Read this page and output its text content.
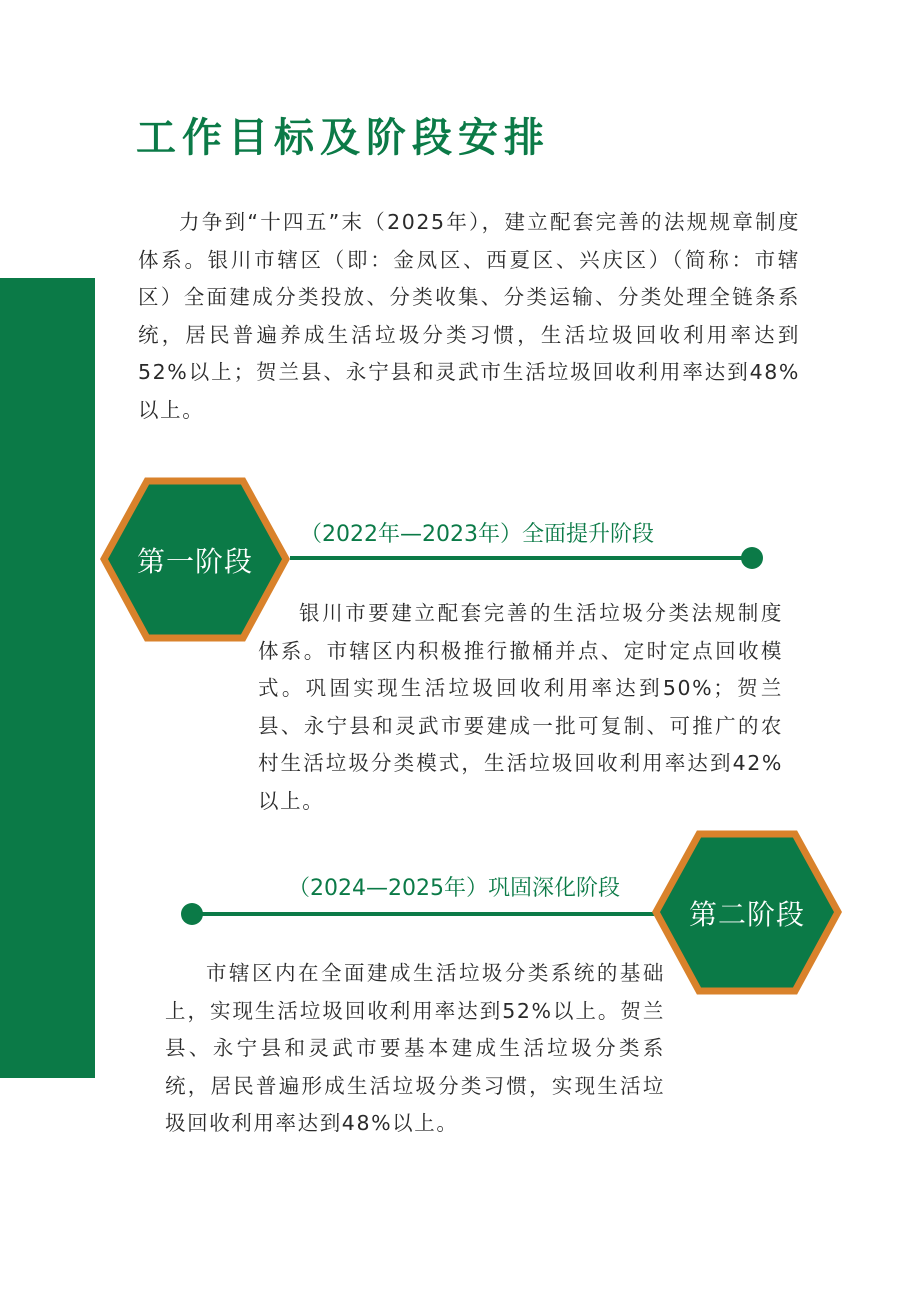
工作目标及阶段安排

力争到“十四五”末（2025年），建立配套完善的法规规章制度体系。银川市辖区（即：金凤区、西夏区、兴庆区）（简称：市辖区）全面建成分类投放、分类收集、分类运输、分类处理全链条系统，居民普遍养成生活垃圾分类习惯，生活垃圾回收利用率达到52%以上；贺兰县、永宁县和灵武市生活垃圾回收利用率达到48%以上。

第一阶段
（2022年—2023年）全面提升阶段

银川市要建立配套完善的生活垃圾分类法规制度体系。市辖区内积极推行撤桶并点、定时定点回收模式。巩固实现生活垃圾回收利用率达到50%；贺兰县、永宁县和灵武市要建成一批可复制、可推广的农村生活垃圾分类模式，生活垃圾回收利用率达到42%以上。

（2024—2025年）巩固深化阶段
第二阶段

市辖区内在全面建成生活垃圾分类系统的基础上，实现生活垃圾回收利用率达到52%以上。贺兰县、永宁县和灵武市要基本建成生活垃圾分类系统，居民普遍形成生活垃圾分类习惯，实现生活垃圾回收利用率达到48%以上。
